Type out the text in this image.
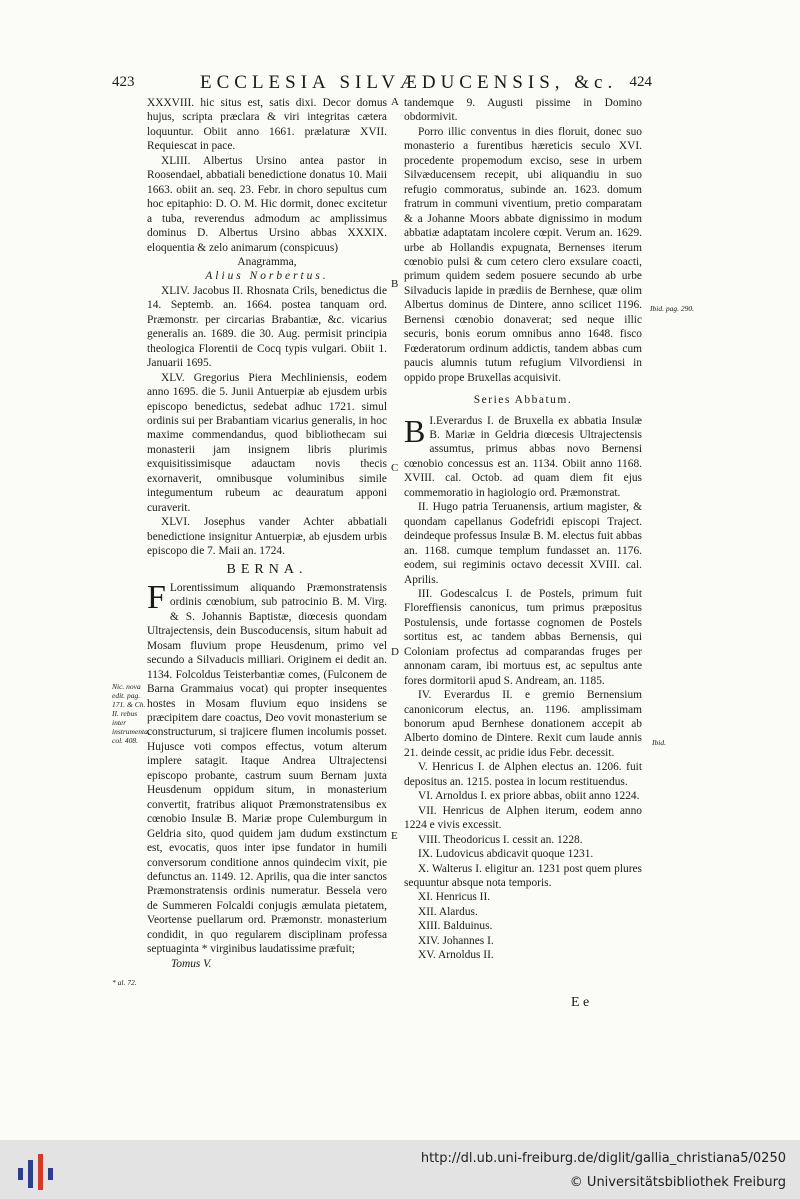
423	ECCLESIA SILVÆDUCENSIS, &c. 424

XXXVIII. hic situs est, satis dixi. Decor domus hujus, scripta præclara & viri integritas cætera loquuntur. Obiit anno 1661. prælaturæ XVII. Requiescat in pace.

XLIII. Albertus Ursino antea pastor in Roosendael, abbatiali benedictione donatus 10. Maii 1663. obiit an. seq. 23. Febr. in choro sepultus cum hoc epitaphio: D. O. M. Hic dormit, donec excitetur a tuba, reverendus admodum ac amplissimus dominus D. Albertus Ursino abbas XXXIX. eloquentia & zelo animarum (conspicuus)

Anagramma,

Alius Norbertus.

XLIV. Jacobus II. Rhosnata Crils, benedictus die 14. Septemb. an. 1664. postea tanquam ord. Præmonstr. per circarias Brabantiæ, &c. vicarius generalis an. 1689. die 30. Aug. permisit principia theologica Florentii de Cocq typis vulgari. Obiit 1. Januarii 1695.

XLV. Gregorius Piera Mechliniensis, eodem anno 1695. die 5. Junii Antuerpiæ ab ejusdem urbis episcopo benedictus, sedebat adhuc 1721. simul ordinis sui per Brabantiam vicarius generalis, in hoc maxime commendandus, quod bibliothecam sui monasterii jam insignem libris plurimis exquisitissimisque adauctam novis thecis exornaverit, omnibusque voluminibus simile integumentum rubeum ac deauratum apponi curaverit.

XLVI. Josephus vander Achter abbatiali benedictione insignitur Antuerpiæ, ab ejusdem urbis episcopo die 7. Maii an. 1724.

BERNA.

F Lorentissimum aliquando Præmonstratensis ordinis cœnobium, sub patrocinio B. M. Virg. & S. Johannis Baptistæ, diœcesis quondam Ultrajectensis, dein Buscoducensis, situm habuit ad Mosam fluvium prope Heusdenum, primo vel secundo a Silvaducis milliari. Originem ei dedit an. 1134. Folcoldus Teisterbantiæ comes, (Fulconem de Barna Grammaius vocat) qui propter insequentes hostes in Mosam fluvium equo insidens se præcipitem dare coactus, Deo vovit monasterium se constructurum, si trajicere flumen incolumis posset. Hujusce voti compos effectus, votum alterum implere satagit. Itaque Andrea Ultrajectensi episcopo probante, castrum suum Bernam juxta Heusdenum oppidum situm, in monasterium convertit, fratribus aliquot Præmonstratensibus ex cœnobio Insulæ B. Mariæ prope Culemburgum in Geldria sito, quod quidem jam dudum exstinctum est, evocatis, quos inter ipse fundator in humili conversorum conditione annos quindecim vixit, pie defunctus an. 1149. 12. Aprilis, qua die inter sanctos Præmonstratensis ordinis numeratur. Bessela vero de Summeren Folcaldi conjugis æmulata pietatem, Veortense puellarum ord. Præmonstr. monasterium condidit, in quo regularem disciplinam professa septuaginta * virginibus laudatissime præfuit;

Tomus V.

tandemque 9. Augusti pissime in Domino obdormivit.

Porro illic conventus in dies floruit, donec suo monasterio a furentibus hæreticis seculo XVI. procedente propemodum exciso, sese in urbem Silvæducensem recepit, ubi aliquandiu in suo refugio commoratus, subinde an. 1623. domum fratrum in communi viventium, pretio comparatam & a Johanne Moors abbate dignissimo in modum abbatiæ adaptatam incolere cœpit. Verum an. 1629. urbe ab Hollandis expugnata, Bernenses iterum cœnobio pulsi & cum cetero clero exsulare coacti, primum quidem sedem posuere secundo ab urbe Silvaducis lapide in prædiis de Bernhese, quæ olim Albertus dominus de Dintere, anno scilicet 1196. Bernensi cœnobio donaverat; sed neque illic securis, bonis eorum omnibus anno 1648. fisco Fœderatorum ordinum addictis, tandem abbas cum paucis alumnis tutum refugium Vilvordiensi in oppido prope Bruxellas acquisivit.

Series Abbatum.

I.
B Everardus I. de Bruxella ex abbatia Insulæ B. Mariæ in Geldria diœcesis Ultrajectensis assumtus, primus abbas novo Bernensi cœnobio concessus est an. 1134. Obiit anno 1168. XVIII. cal. Octob. ad quam diem fit ejus commemoratio in hagiologio ord. Præmonstrat.

II. Hugo patria Teruanensis, artium magister, & quondam capellanus Godefridi episcopi Traject. deindeque professus Insulæ B. M. electus fuit abbas an. 1168. cumque templum fundasset an. 1176. eodem, sui regiminis octavo decessit XVIII. cal. Aprilis.

III. Godescalcus I. de Postels, primum fuit Floreffiensis canonicus, tum primus præpositus Postulensis, unde fortasse cognomen de Postels sortitus est, ac tandem abbas Bernensis, qui Coloniam profectus ad comparandas fruges per annonam caram, ibi mortuus est, ac sepultus ante fores dormitorii apud S. Andream, an. 1185.

IV. Everardus II. e gremio Bernensium canonicorum electus, an. 1196. amplissimam bonorum apud Bernhese donationem accepit ab Alberto domino de Dintere. Rexit cum laude annis 21. deinde cessit, ac pridie idus Febr. decessit.

V. Henricus I. de Alphen electus an. 1206. fuit depositus an. 1215. postea in locum restituendus.

VI. Arnoldus I. ex priore abbas, obiit anno 1224.

VII. Henricus de Alphen iterum, eodem anno 1224 e vivis excessit.

VIII. Theodoricus I. cessit an. 1228.

IX. Ludovicus abdicavit quoque 1231.

X. Walterus I. eligitur an. 1231 post quem plures sequuntur absque nota temporis.

XI. Henricus II.

XII. Alardus.

XIII. Balduinus.

XIV. Johannes I.

XV. Arnoldus II.

A
B
C
D
E
Ibid. pag. 290.
Ibid.
Nic. nova edit. pag. 171. & Ch. II. rebus inter instrumenta, col. 408.
* al. 72.
E e
http://dl.ub.uni-freiburg.de/diglit/gallia_christiana5/0250
© Universitätsbibliothek Freiburg
